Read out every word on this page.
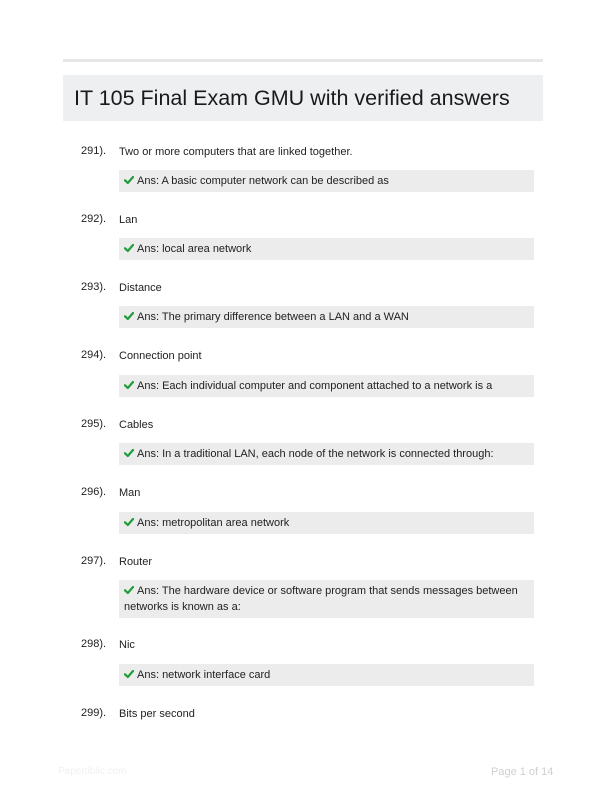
IT 105 Final Exam GMU with verified answers
291). Two or more computers that are linked together.
Ans: A basic computer network can be described as
292). Lan
Ans: local area network
293). Distance
Ans: The primary difference between a LAN and a WAN
294). Connection point
Ans: Each individual computer and component attached to a network is a
295). Cables
Ans: In a traditional LAN, each node of the network is connected through:
296). Man
Ans: metropolitan area network
297). Router
Ans: The hardware device or software program that sends messages between networks is known as a:
298). Nic
Ans: network interface card
299). Bits per second
Papertiblic.com	Page 1 of 14
